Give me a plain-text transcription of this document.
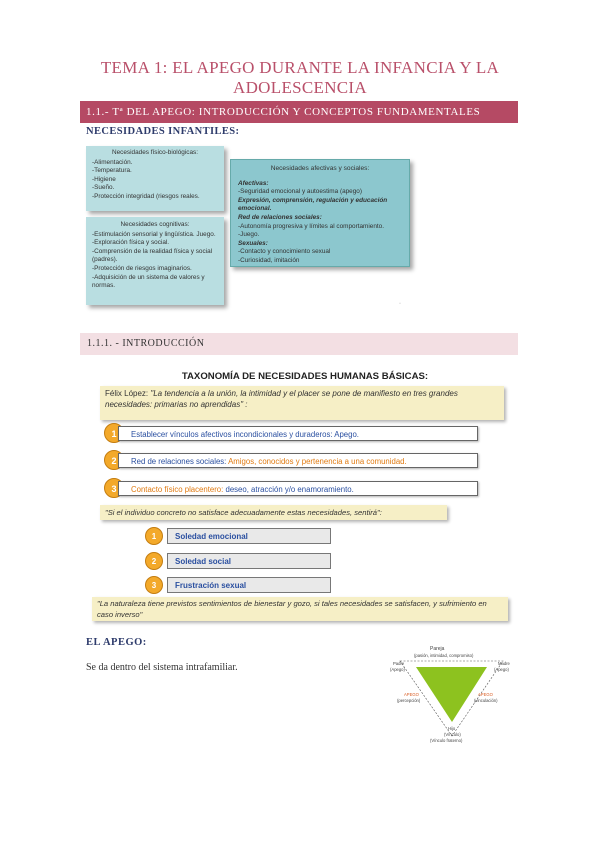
TEMA 1: EL APEGO DURANTE LA INFANCIA Y LA ADOLESCENCIA
1.1.- Tª DEL APEGO: INTRODUCCIÓN Y CONCEPTOS FUNDAMENTALES
NECESIDADES INFANTILES:
Necesidades físico-biológicas:
-Alimentación.
-Temperatura.
-Higiene
-Sueño.
-Protección integridad (riesgos reales.
Necesidades cognitivas:
-Estimulación sensorial y lingüística. Juego.
-Exploración física y social.
-Comprensión de la realidad física y social (padres).
-Protección de riesgos imaginarios.
-Adquisición de un sistema de valores y normas.
Necesidades afectivas y sociales:
Afectivas:
-Seguridad emocional y autoestima (apego)
Expresión, comprensión, regulación y educación emocional.
Red de relaciones sociales:
-Autonomía progresiva y límites al comportamiento.
-Juego.
Sexuales:
-Contacto y conocimiento sexual
-Curiosidad, imitación
·
1.1.1. - INTRODUCCIÓN
TAXONOMÍA DE NECESIDADES HUMANAS BÁSICAS:
Félix López: "La tendencia a la unión, la intimidad y el placer se pone de manifiesto en tres grandes necesidades: primarias no aprendidas" :
1	Establecer vínculos afectivos incondicionales y duraderos: Apego.
2	Red de relaciones sociales: Amigos, conocidos y pertenencia a una comunidad.
3	Contacto físico placentero: deseo, atracción y/o enamoramiento.
"Si el individuo concreto no satisface adecuadamente estas necesidades, sentirá":
1	Soledad emocional
2	Soledad social
3	Frustración sexual
"La naturaleza tiene previstos sentimientos de bienestar y gozo, si tales necesidades se satisfacen, y sufrimiento en caso inverso"
EL APEGO:
Se da dentro del sistema intrafamiliar.
Pareja
(pasión, intimidad, compromiso)
Padre
(Apego)
Madre
(Apego)
APEGO
(percepción)
APEGO
(vinculación)
Hijo
(Vínculo)
(Vínculo fraterno)
